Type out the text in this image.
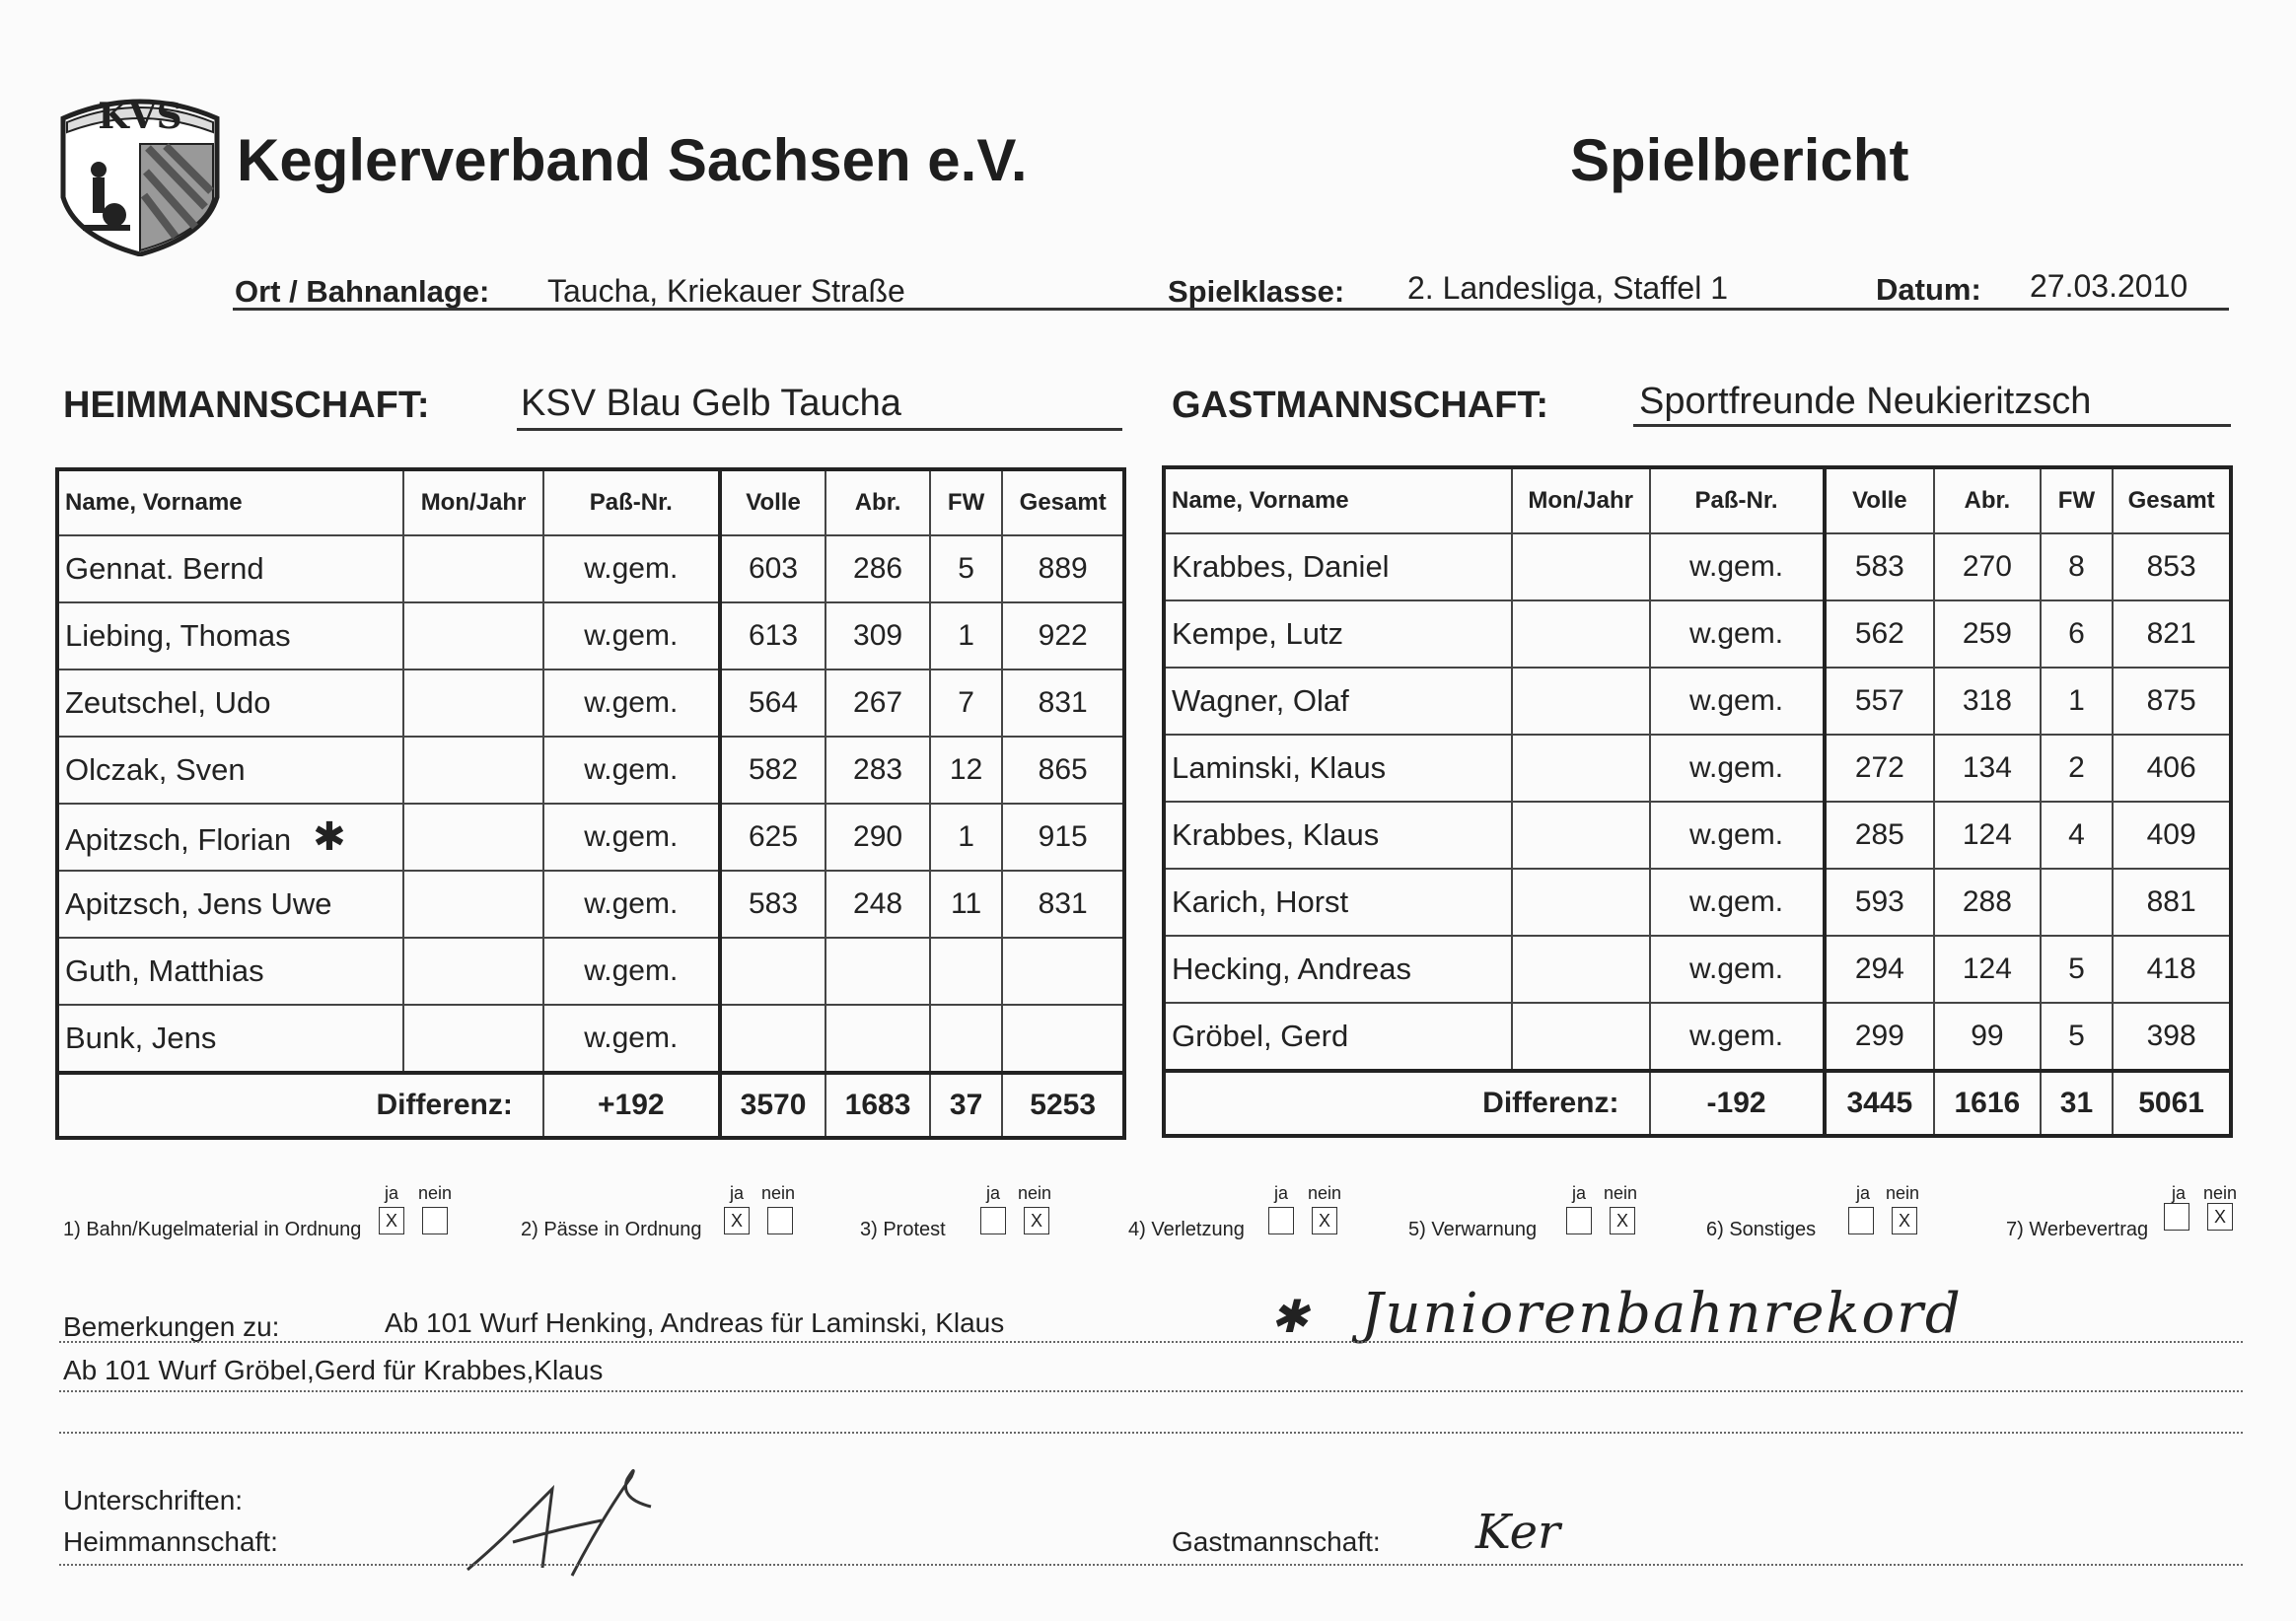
KVS
Keglerverband Sachsen e.V.	Spielbericht
Ort / Bahnanlage: Taucha, Kriekauer Straße	Spielklasse: 2. Landesliga, Staffel 1	Datum: 27.03.2010
HEIMMANNSCHAFT: KSV Blau Gelb Taucha	GASTMANNSCHAFT: Sportfreunde Neukieritzsch
Name, Vorname	Mon/Jahr	Paß-Nr.	Volle	Abr.	FW	Gesamt
Gennat. Bernd		w.gem.	603	286	5	889
Liebing, Thomas		w.gem.	613	309	1	922
Zeutschel, Udo		w.gem.	564	267	7	831
Olczak, Sven		w.gem.	582	283	12	865
Apitzsch, Florian ✱		w.gem.	625	290	1	915
Apitzsch, Jens Uwe		w.gem.	583	248	11	831
Guth, Matthias		w.gem.				
Bunk, Jens		w.gem.				
Differenz:		+192	3570	1683	37	5253
Name, Vorname	Mon/Jahr	Paß-Nr.	Volle	Abr.	FW	Gesamt
Krabbes, Daniel		w.gem.	583	270	8	853
Kempe, Lutz		w.gem.	562	259	6	821
Wagner, Olaf		w.gem.	557	318	1	875
Laminski, Klaus		w.gem.	272	134	2	406
Krabbes, Klaus		w.gem.	285	124	4	409
Karich, Horst		w.gem.	593	288		881
Hecking, Andreas		w.gem.	294	124	5	418
Gröbel, Gerd		w.gem.	299	99	5	398
Differenz:		-192	3445	1616	31	5061
1) Bahn/Kugelmaterial in Ordnung
ja nein
X	2) Pässe in Ordnung
ja nein
X	3) Protest
ja nein
X	4) Verletzung
ja nein
X	5) Verwarnung
ja nein
X	6) Sonstiges
ja nein
X	7) Werbevertrag
ja nein
X
Bemerkungen zu:	Ab 101 Wurf Henking, Andreas für Laminski, Klaus	✱ Juniorenbahnrekord
Ab 101 Wurf Gröbel,Gerd für Krabbes,Klaus
Unterschriften:
Heimmannschaft:	Gastmannschaft: Ker
